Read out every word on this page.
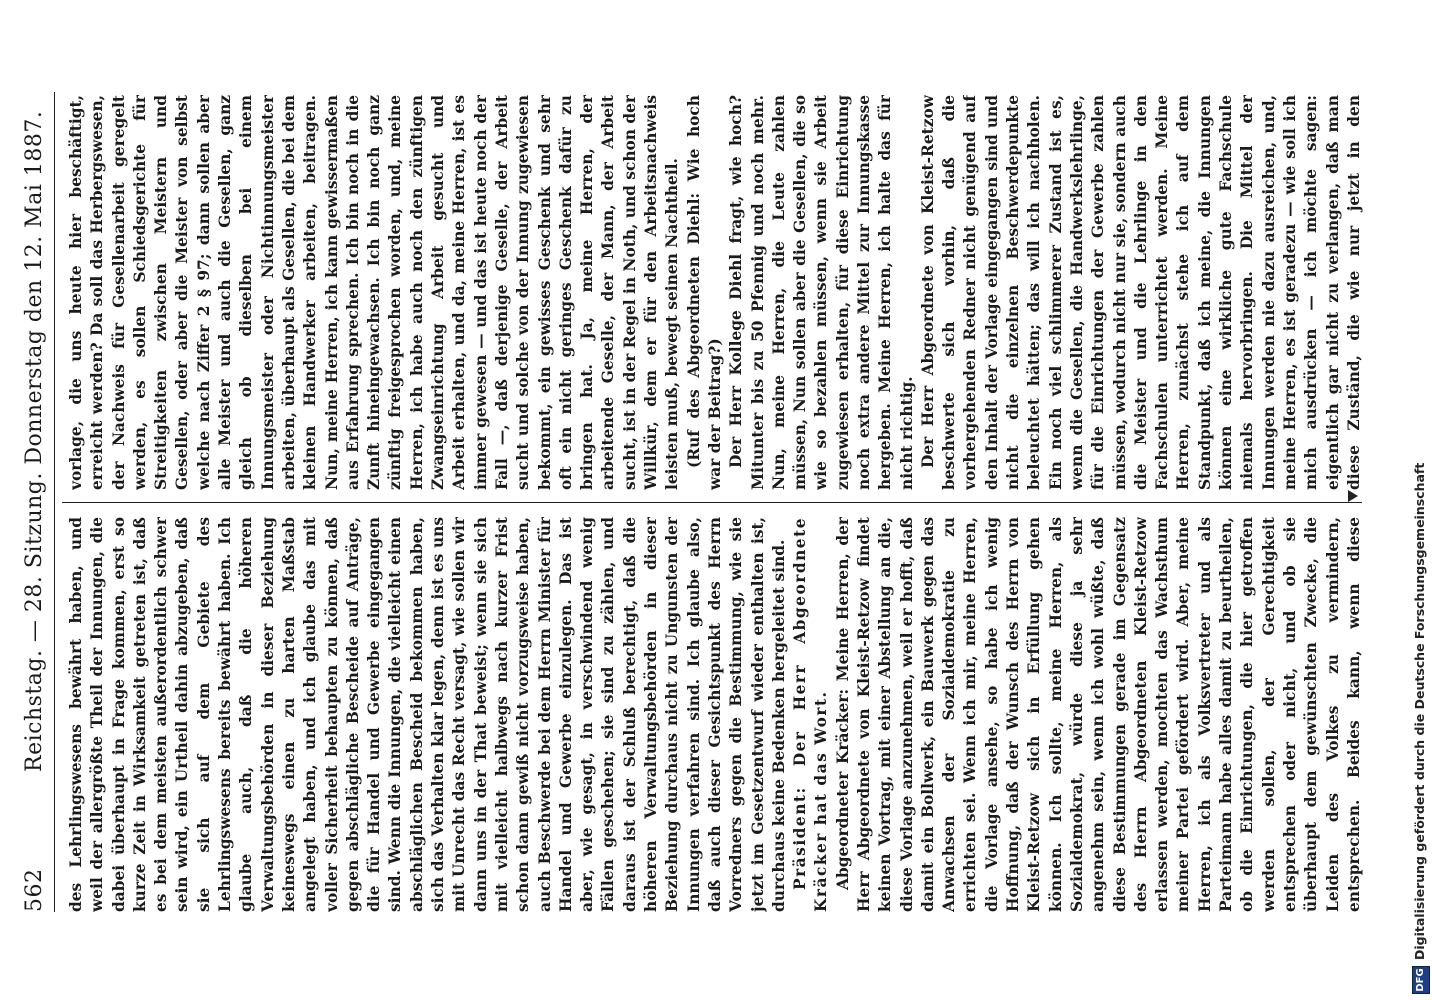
562
Reichstag. — 28. Sitzung. Donnerstag den 12. Mai 1887. des Lehrlingswesens bewährt haben, und weil der allergrößte Theil der Innungen, die dabei überhaupt in Frage kommen, erst so kurze Zeit in Wirksamkeit getreten ist, daß es bei dem meisten außerordentlich schwer sein wird, ein Urtheil dahin abzugeben, daß sie sich auf dem Gebiete des Lehrlingswesens bereits bewährt haben. Ich glaube auch, daß die höheren Verwaltungsbehörden in dieser Beziehung keineswegs einen zu harten Maßstab angelegt haben, und ich glaube das mit voller Sicherheit behaupten zu können, daß gegen abschlägliche Bescheide auf Anträge, die für Handel und Gewerbe eingegangen sind. Wenn die Innungen, die vielleicht einen abschläglichen Bescheid bekommen haben, sich das Verhalten klar legen, denn ist es uns mit Unrecht das Recht versagt, wie sollen wir dann uns in der That beweist; wenn sie sich mit vielleicht halbwegs nach kurzer Frist schon dann gewiß nicht vorzugsweise haben, auch Beschwerde bei dem Herrn Minister für Handel und Gewerbe einzulegen. Das ist aber, wie gesagt, in verschwindend wenig Fällen geschehen; sie sind zu zählen, und daraus ist der Schluß berechtigt, daß die höheren Verwaltungsbehörden in dieser Beziehung durchaus nicht zu Ungunsten der Innungen verfahren sind. Ich glaube also, daß auch dieser Gesichtspunkt des Herrn Vorredners gegen die Bestimmung, wie sie jetzt im Gesetzentwurf wieder enthalten ist, durchaus keine Bedenken hergeleitet sind. Präsident: Der Herr Abgeordnete Kräcker hat das Wort. Abgeordneter Kräcker: Meine Herren, der Herr Abgeordnete von Kleist-Retzow findet keinen Vortrag, mit einer Abstellung an die, diese Vorlage anzunehmen, weil er hofft, daß damit ein Bollwerk, ein Bauwerk gegen das Anwachsen der Sozialdemokratie zu errichten sei. Wenn ich mir, meine Herren, die Vorlage ansehe, so habe ich wenig Hoffnung, daß der Wunsch des Herrn von Kleist-Retzow sich in Erfüllung gehen können. Ich sollte, meine Herren, als Sozialdemokrat, würde diese ja sehr angenehm sein, wenn ich wohl wüßte, daß diese Bestimmungen gerade im Gegensatz des Herrn Abgeordneten Kleist-Retzow erlassen werden, mochten das Wachsthum meiner Partei gefördert wird. Aber, meine Herren, ich als Volksvertreter und als Parteimann habe alles damit zu beurtheilen, ob die Einrichtungen, die hier getroffen werden sollen, der Gerechtigkeit entsprechen oder nicht, und ob sie überhaupt dem gewünschten Zwecke, die Leiden des Volkes zu vermindern, entsprechen. Beides kann, wenn diese

vorlage, die uns heute hier beschäftigt, erreicht werden? Da soll das Herbergswesen, der Nachweis für Gesellenarbeit geregelt werden, es sollen Schiedsgerichte für Streitigkeiten zwischen Meistern und Gesellen, oder aber die Meister von selbst welche nach Ziffer 2 § 97; dann sollen aber alle Meister und auch die Gesellen, ganz gleich ob dieselben bei einem Innungsmeister oder Nichtinnungsmeister arbeiten, überhaupt als Gesellen, die bei dem kleinen Handwerker arbeiten, beitragen. Nun, meine Herren, ich kann gewissermaßen aus Erfahrung sprechen. Ich bin noch in die Zunft hineingewachsen. Ich bin noch ganz zünftig freigesprochen worden, und, meine Herren, ich habe auch noch den zünftigen Zwangseinrichtung Arbeit gesucht und Arbeit erhalten, und da, meine Herren, ist es immer gewesen — und das ist heute noch der Fall —, daß derjenige Geselle, der Arbeit sucht und solche von der Innung zugewiesen bekommt, ein gewisses Geschenk und sehr oft ein nicht geringes Geschenk dafür zu bringen hat. Ja, meine Herren, der arbeitende Geselle, der Mann, der Arbeit sucht, ist in der Regel in Noth, und schon der Willkür, dem er für den Arbeitsnachweis leisten muß, bewegt seinen Nachtheil. (Ruf des Abgeordneten Diehl: Wie hoch war der Beitrag?) Der Herr Kollege Diehl fragt, wie hoch? Mitunter bis zu 50 Pfennig und noch mehr. Nun, meine Herren, die Leute zahlen müssen, Nun sollen aber die Gesellen, die so wie so bezahlen müssen, wenn sie Arbeit zugewiesen erhalten, für diese Einrichtung noch extra andere Mittel zur Innungskasse hergeben. Meine Herren, ich halte das für nicht richtig. Der Herr Abgeordnete von Kleist-Retzow beschwerte sich vorhin, daß die vorhergehenden Redner nicht genügend auf den Inhalt der Vorlage eingegangen sind und nicht die einzelnen Beschwerdepunkte beleuchtet hätten; das will ich nachholen. Ein noch viel schlimmerer Zustand ist es, wenn die Gesellen, die Handwerkslehrlinge, für die Einrichtungen der Gewerbe zahlen müssen, wodurch nicht nur sie, sondern auch die Meister und die Lehrlinge in den Fachschulen unterrichtet werden. Meine Herren, zunächst stehe ich auf dem Standpunkt, daß ich meine, die Innungen können eine wirkliche gute Fachschule niemals hervorbringen. Die Mittel der Innungen werden nie dazu ausreichen, und, meine Herren, es ist geradezu — wie soll ich mich ausdrücken — ich möchte sagen: eigentlich gar nicht zu verlangen, daß man diese Zuständ, die wie nur jetzt in den

DFG
Digitalisierung gefördert durch die Deutsche Forschungsgemeinschaft
